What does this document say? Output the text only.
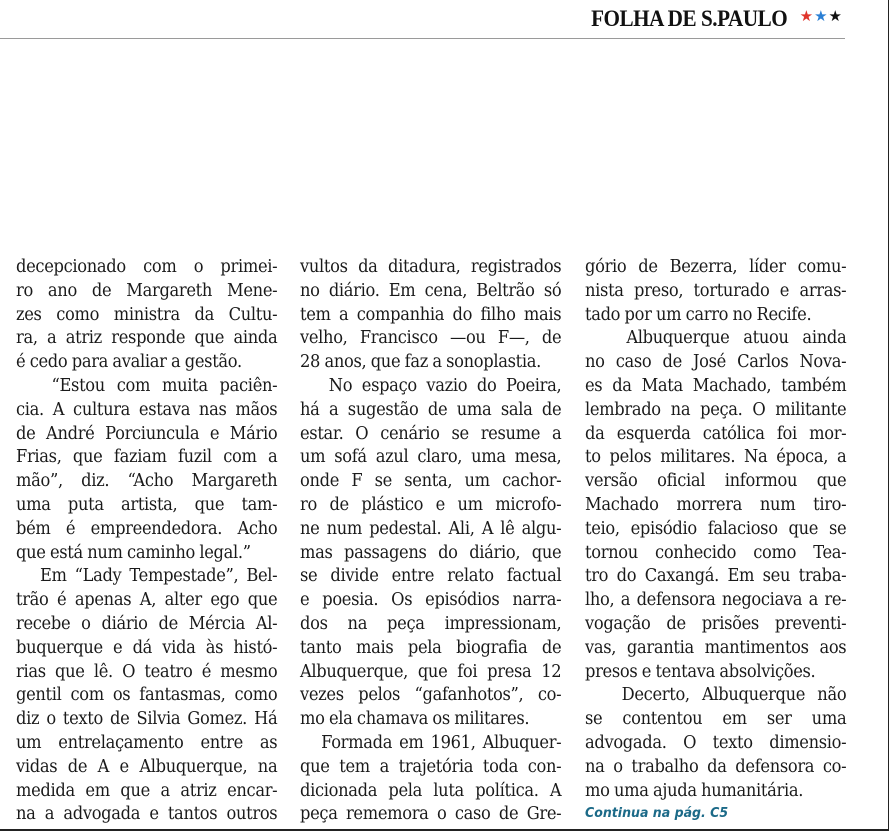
FOLHA DE S.PAULO ★★★
decepcionado com o primei-
ro ano de Margareth Mene-
zes como ministra da Cultu-
ra, a atriz responde que ainda
é cedo para avaliar a gestão.
“Estou com muita paciên-
cia. A cultura estava nas mãos
de André Porciuncula e Mário
Frias, que faziam fuzil com a
mão”, diz. “Acho Margareth
uma puta artista, que tam-
bém é empreendedora. Acho
que está num caminho legal.”
Em “Lady Tempestade”, Bel-
trão é apenas A, alter ego que
recebe o diário de Mércia Al-
buquerque e dá vida às histó-
rias que lê. O teatro é mesmo
gentil com os fantasmas, como
diz o texto de Silvia Gomez. Há
um entrelaçamento entre as
vidas de A e Albuquerque, na
medida em que a atriz encar-
na a advogada e tantos outros
vultos da ditadura, registrados
no diário. Em cena, Beltrão só
tem a companhia do filho mais
velho, Francisco —ou F—, de
28 anos, que faz a sonoplastia.
No espaço vazio do Poeira,
há a sugestão de uma sala de
estar. O cenário se resume a
um sofá azul claro, uma mesa,
onde F se senta, um cachor-
ro de plástico e um microfo-
ne num pedestal. Ali, A lê algu-
mas passagens do diário, que
se divide entre relato factual
e poesia. Os episódios narra-
dos na peça impressionam,
tanto mais pela biografia de
Albuquerque, que foi presa 12
vezes pelos “gafanhotos”, co-
mo ela chamava os militares.
Formada em 1961, Albuquer-
que tem a trajetória toda con-
dicionada pela luta política. A
peça rememora o caso de Gre-
gório de Bezerra, líder comu-
nista preso, torturado e arras-
tado por um carro no Recife.
Albuquerque atuou ainda
no caso de José Carlos Nova-
es da Mata Machado, também
lembrado na peça. O militante
da esquerda católica foi mor-
to pelos militares. Na época, a
versão oficial informou que
Machado morrera num tiro-
teio, episódio falacioso que se
tornou conhecido como Tea-
tro do Caxangá. Em seu traba-
lho, a defensora negociava a re-
vogação de prisões preventi-
vas, garantia mantimentos aos
presos e tentava absolvições.
Decerto, Albuquerque não
se contentou em ser uma
advogada. O texto dimensio-
na o trabalho da defensora co-
mo uma ajuda humanitária.
Continua na pág. C5
